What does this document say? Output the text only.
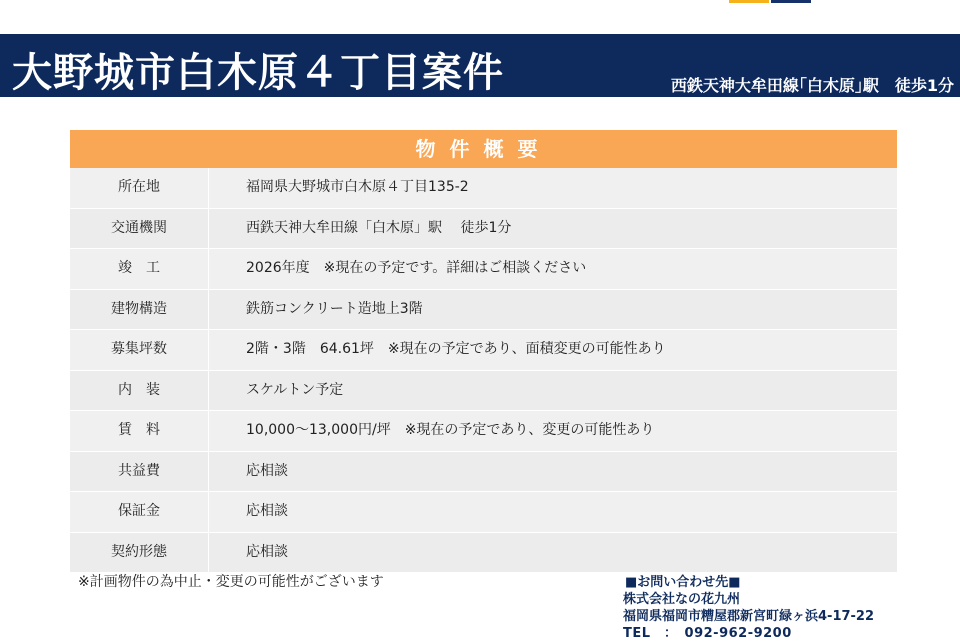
大野城市白木原４丁目案件	西鉄天神大牟田線｢白木原｣駅　徒歩1分
物件概要
所在地	福岡県大野城市白木原４丁目135-2
交通機関	西鉄天神大牟田線「白木原」駅　 徒歩1分
竣　工	2026年度　※現在の予定です。詳細はご相談ください
建物構造	鉄筋コンクリート造地上3階
募集坪数	2階・3階　64.61坪　※現在の予定であり、面積変更の可能性あり
内　装	スケルトン予定
賃　料	10,000～13,000円/坪　※現在の予定であり、変更の可能性あり
共益費	応相談
保証金	応相談
契約形態	応相談
※計画物件の為中止・変更の可能性がございます	■お問い合わせ先■
株式会社なの花九州
福岡県福岡市糟屋郡新宮町緑ヶ浜4-17-22
TEL　：　092-962-9200
